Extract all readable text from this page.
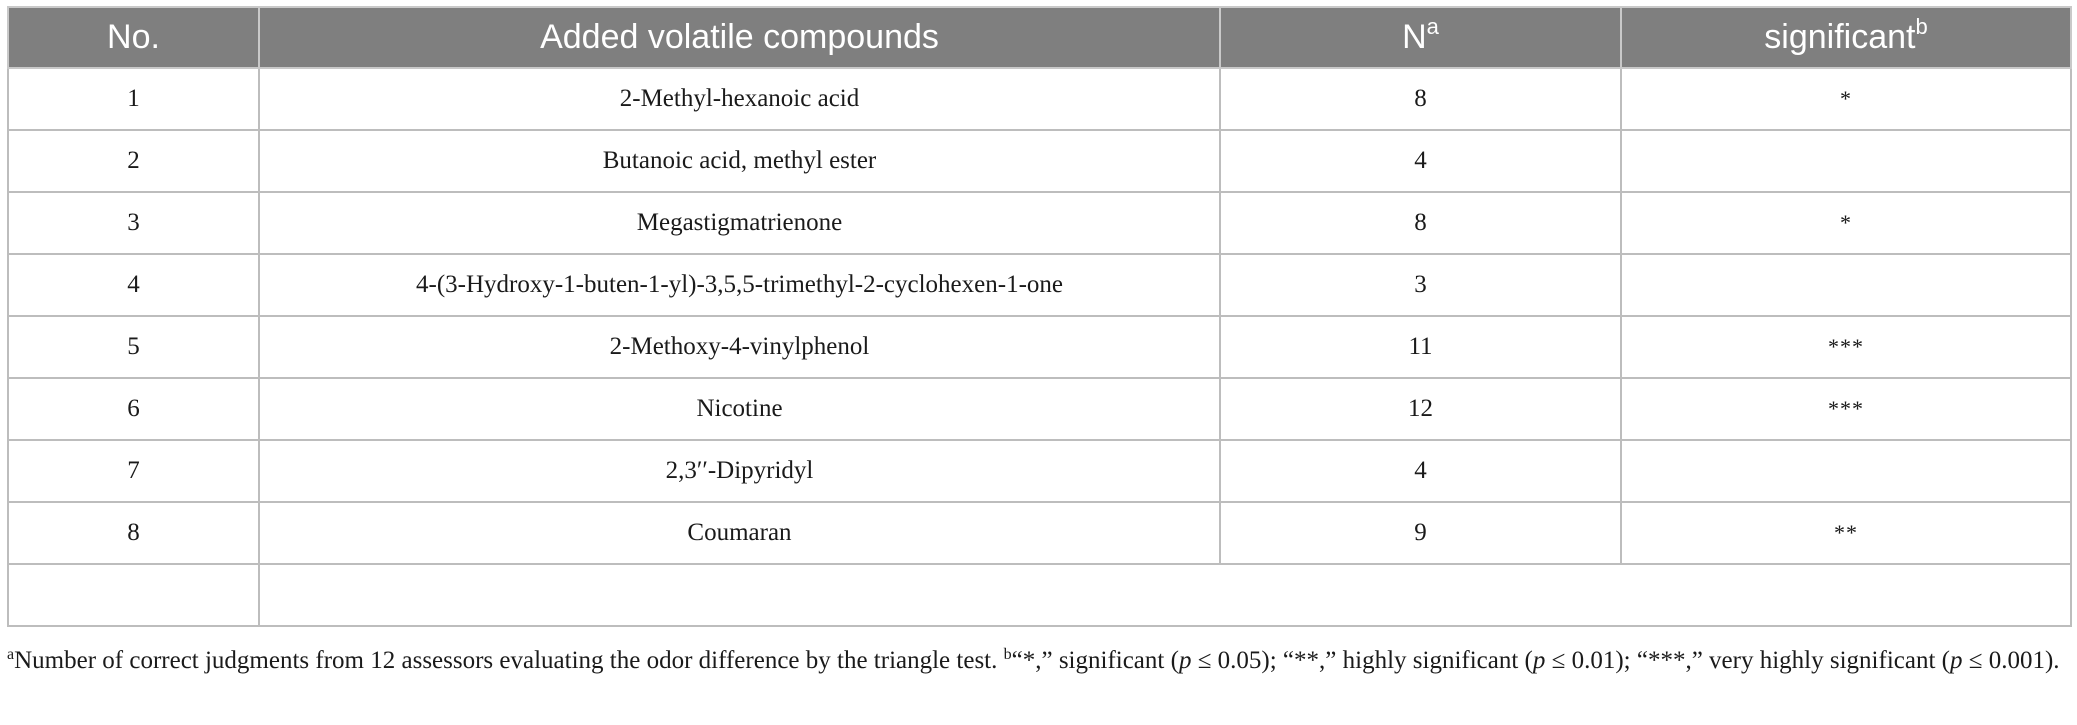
No.	Added volatile compounds	$N^a$	significant$^b$
1	2-Methyl-hexanoic acid	8	*
2	Butanoic acid, methyl ester	4	
3	Megastigmatrienone	8	*
4	4-(3-Hydroxy-1-buten-1-yl)-3,5,5-trimethyl-2-cyclohexen-1-one	3	
5	2-Methoxy-4-vinylphenol	11	***
6	Nicotine	12	***
7	2,3′′-Dipyridyl	4	
8	Coumaran	9	**

$^a$Number of correct judgments from 12 assessors evaluating the odor difference by the triangle test. $^b$“*,” significant (p ≤ 0.05); “**,” highly significant (p ≤ 0.01); “***,” very highly significant (p ≤ 0.001).
